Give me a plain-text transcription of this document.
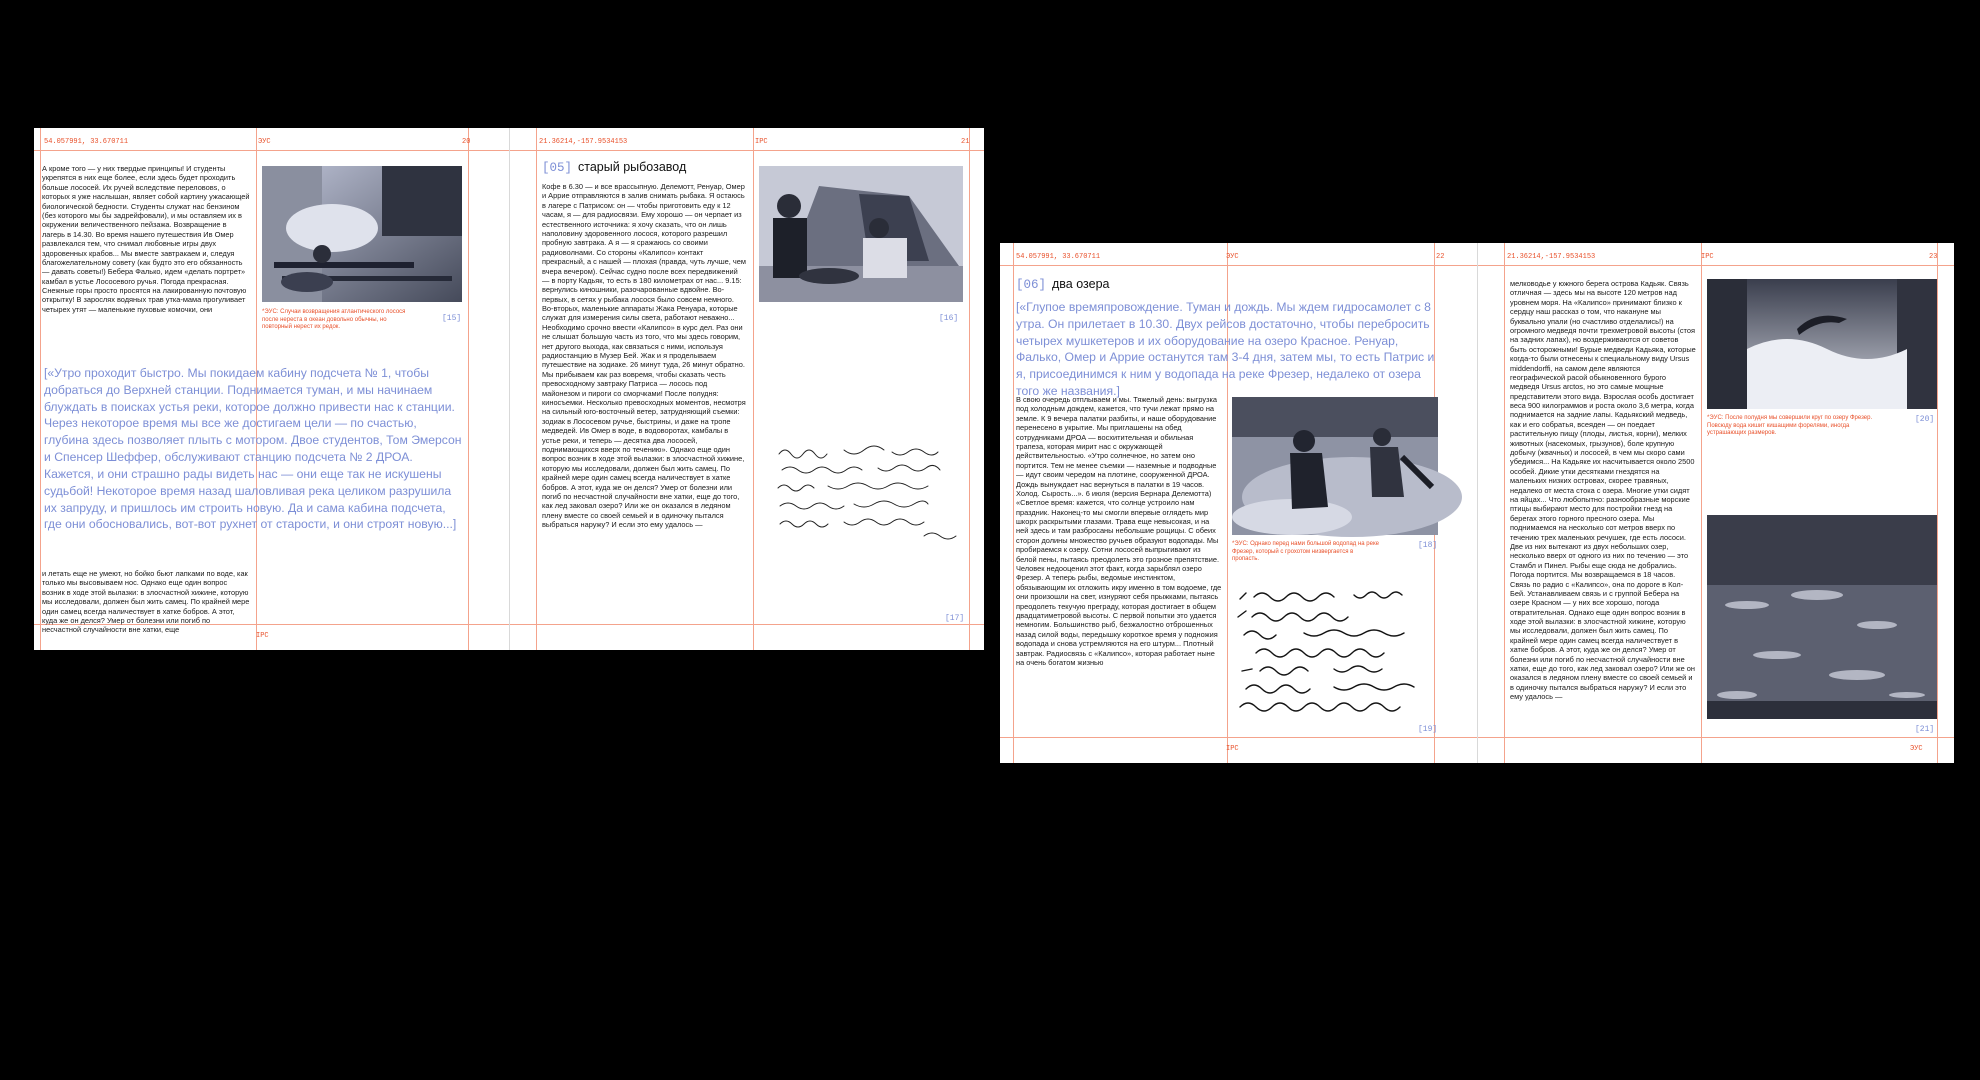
54.057991, 33.670711	ЭУС	20
IPC
А кроме того — у них твердые принципы! И студенты укрепятся в них еще более, если здесь будет проходить больше лососей. Их ручей вследствие перелововs, о которых я уже наслышан, являет собой картину ужасающей биологической бедности. Студенты служат нас бензином (без которого мы бы задрейфовали), и мы оставляем их в окружении величественного пейзажа. Возвращение в лагерь в 14.30. Во время нашего путешествия Ив Омер развлекался тем, что снимал любовные игры двух здоровенных крабов... Мы вместе завтракаем и, следуя благожелательному совету (как будто это его обязанность — давать советы!) Бебера Фалько, идем «делать портрет» камбал в устье Лососевого ручья. Погода прекрасная. Снежные горы просто просятся на лакированную почтовую открытку! В зарослях водяных трав утка-мама прогуливает четырех утят — маленькие пуховые комочки, они	*ЭУС: Случаи возвращения атлантического лосося после нереста в океан довольно обычны, но повторный нерест их редок.
[15]
[«Утро проходит быстро. Мы покидаем кабину подсчета № 1, чтобы добраться до Верхней станции. Поднимается туман, и мы начинаем блуждать в поисках устья реки, которое должно привести нас к станции. Через некоторое время мы все же достигаем цели — по счастью, глубина здесь позволяет плыть с мотором. Двое студентов, Том Эмерсон и Спенсер Шеффер, обслуживают станцию подсчета № 2 ДРОА. Кажется, и они страшно рады видеть нас — они еще так не искушены судьбой! Некоторое время назад шаловливая река целиком разрушила их запруду, и пришлось им строить новую. Да и сама кабина подсчета, где они обосновались, вот-вот рухнет от старости, и они строят новую...]
и летать еще не умеют, но бойко бьют лапками по воде, как только мы высовываем нос. Однако еще один вопрос возник в ходе этой вылазки: в злосчастной хижине, которую мы исследовали, должен был жить самец. По крайней мере один самец всегда наличествует в хатке бобров. А этот, куда же он делся? Умер от болезни или погиб по несчастной случайности вне хатки, еще
21.36214,-157.9534153	IPC	21
[05] старый рыбозавод
Кофе в 6.30 — и все врассыпную. Делемотт, Ренуар, Омер и Аррие отправляются в залив снимать рыбака. Я остаюсь в лагере с Патрисом: он — чтобы приготовить еду к 12 часам, я — для радиосвязи. Ему хорошо — он черпает из естественного источника: я хочу сказать, что он лишь наполовину здоровенного лосося, которого разрешил пробную завтрака. А я — я сражаюсь со своими радиоволнами. Со стороны «Калипсо» контакт прекрасный, а с нашей — плохая (правда, чуть лучше, чем вчера вечером). Сейчас судно после всех передвижений — в порту Кадьяк, то есть в 180 километрах от нас... 9.15: вернулись киношники, разочарованные вдвойне. Во-первых, в сетях у рыбака лосося было совсем немного. Во-вторых, маленькие аппараты Жака Ренуара, которые служат для измерения силы света, работают неважно... Необходимо срочно ввести «Калипсо» в курс дел. Раз они не слышат большую часть из того, что мы здесь говорим, нет другого выхода, как связаться с ними, используя радиостанцию в Музер Бей. Жак и я проделываем путешествие на зодиаке. 26 минут туда, 26 минут обратно. Мы прибываем как раз вовремя, чтобы сказать честь превосходному завтраку Патриса — лосось под майонезом и пироги со сморчками! После полудня: киносъемки. Несколько превосходных моментов, несмотря на сильный юго-восточный ветер, затрудняющий съемки: зодиак в Лососевом ручье, быстрины, и даже на тропе медведей. Ив Омер в воде, в водоворотах, камбалы в устье реки, и теперь — десятка два лососей, поднимающихся вверх по течению». Однако еще один вопрос возник в ходе этой вылазки: в злосчастной хижине, которую мы исследовали, должен был жить самец. По крайней мере один самец всегда наличествует в хатке бобров. А этот, куда же он делся? Умер от болезни или погиб по несчастной случайности вне хатки, еще до того, как лед заковал озеро? Или же он оказался в ледяном плену вместе со своей семьей и в одиночку пытался выбраться наружу? И если это ему удалось —
[16]
[17]
54.057991, 33.670711	ЭУС	22
IPC
[06] два озера
[«Глупое времяпровождение. Туман и дождь. Мы ждем гидросамолет с 8 утра. Он прилетает в 10.30. Двух рейсов достаточно, чтобы перебросить четырех мушкетеров и их оборудование на озеро Красное. Ренуар, Фалько, Омер и Аррие останутся там 3-4 дня, затем мы, то есть Патрис и я, присоединимся к ним у водопада на реке Фрезер, недалеко от озера того же названия.]
В свою очередь отплываем и мы. Тяжелый день: выгрузка под холодным дождем, кажется, что тучи лежат прямо на земле. К 9 вечера палатки разбиты, и наше оборудование перенесено в укрытие. Мы приглашены на обед сотрудниками ДРОА — восхитительная и обильная трапеза, которая мирит нас с окружающей действительностью. «Утро солнечное, но затем оно портится. Тем не менее съемки — наземные и подводные — идут своим чередом на плотине, сооруженной ДРОА. Дождь вынуждает нас вернуться в палатки в 19 часов. Холод. Сырость...». 6 июля (версия Бернара Делемотта) «Светлое время: кажется, что солнце устроило нам праздник. Наконец-то мы смогли впервые оглядеть мир шкорх раскрытыми глазами. Трава еще невысокая, и на ней здесь и там разбросаны небольшие рощицы. С обеих сторон долины множество ручьев образуют водопады. Мы пробираемся к озеру. Сотни лососей выпрыгивают из белой пены, пытаясь преодолеть это грозное препятствие. Человек недооценил этот факт, когда зарыблял озеро Фрезер. А теперь рыбы, ведомые инстинктом, обязывающим их отложить икру именно в том водоеме, где они произошли на свет, изнуряют себя прыжками, пытаясь преодолеть текучую преграду, которая достигает в общем двадцатиметровой высоты. С первой попытки это удается немногим. Большинство рыб, безжалостно отброшенных назад силой воды, передышку короткое время у подножия водопада и снова устремляются на его штурм... Плотный завтрак. Радиосвязь с «Калипсо», которая работает ныне на очень богатом жизнью
*ЭУС: Однако перед нами большой водопад на реке Фрезер, который с грохотом низвергается в пропасть.
[18]
[19]
21.36214,-157.9534153	IPC	23
ЭУС
мелководье у южного берега острова Кадьяк. Связь отличная — здесь мы на высоте 120 метров над уровнем моря. На «Калипсо» принимают близко к сердцу наш рассказ о том, что накануне мы буквально упали (но счастливо отделались!) на огромного медведя почти трехметровой высоты (стоя на задних лапах), но воздерживаются от советов быть осторожными! Бурые медведи Кадьяка, которые когда-то были отнесены к специальному виду Ursus middendorffi, на самом деле являются географической расой обыкновенного бурого медведя Ursus arctos, но это самые мощные представители этого вида. Взрослая особь достигает веса 900 килограммов и роста около 3,6 метра, когда поднимается на задние лапы. Кадьякский медведь, как и его собратья, всеяден — он поедает растительную пищу (плоды, листья, корни), мелких животных (насекомых, грызунов), боле крупную добычу (жвачных) и лососей, в чем мы скоро сами убедимся... На Кадьяке их насчитывается около 2500 особей. Дикие утки десятками гнездятся на маленьких низких островах, скорее травяных, недалеко от места стока с озера. Многие утки сидят на яйцах... Что любопытно: разнообразные морские птицы выбирают место для постройки гнезд на берегах этого горного пресного озера. Мы поднимаемся на несколько сот метров вверх по течению трех маленьких речушек, где есть лососи. Две из них вытекают из двух небольших озер, несколько вверх от одного из них по течению — это Стамбл и Пинел. Рыбы еще сюда не добрались. Погода портится. Мы возвращаемся в 18 часов. Связь по радио с «Калипсо», она по дороге в Кол-Бей. Устанавливаем связь и с группой Бебера на озере Красном — у них все хорошо, погода отвратительная. Однако еще один вопрос возник в ходе этой вылазки: в злосчастной хижине, которую мы исследовали, должен был жить самец. По крайней мере один самец всегда наличествует в хатке бобров. А этот, куда же он делся? Умер от болезни или погиб по несчастной случайности вне хатки, еще до того, как лед заковал озеро? Или же он оказался в ледяном плену вместе со своей семьей и в одиночку пытался выбраться наружу? И если это ему удалось —
*ЭУС: После полудня мы совершили круг по озеру Фрезер. Повсюду вода кишит кишащими форелями, иногда устрашающих размеров.
[20]
[21]
